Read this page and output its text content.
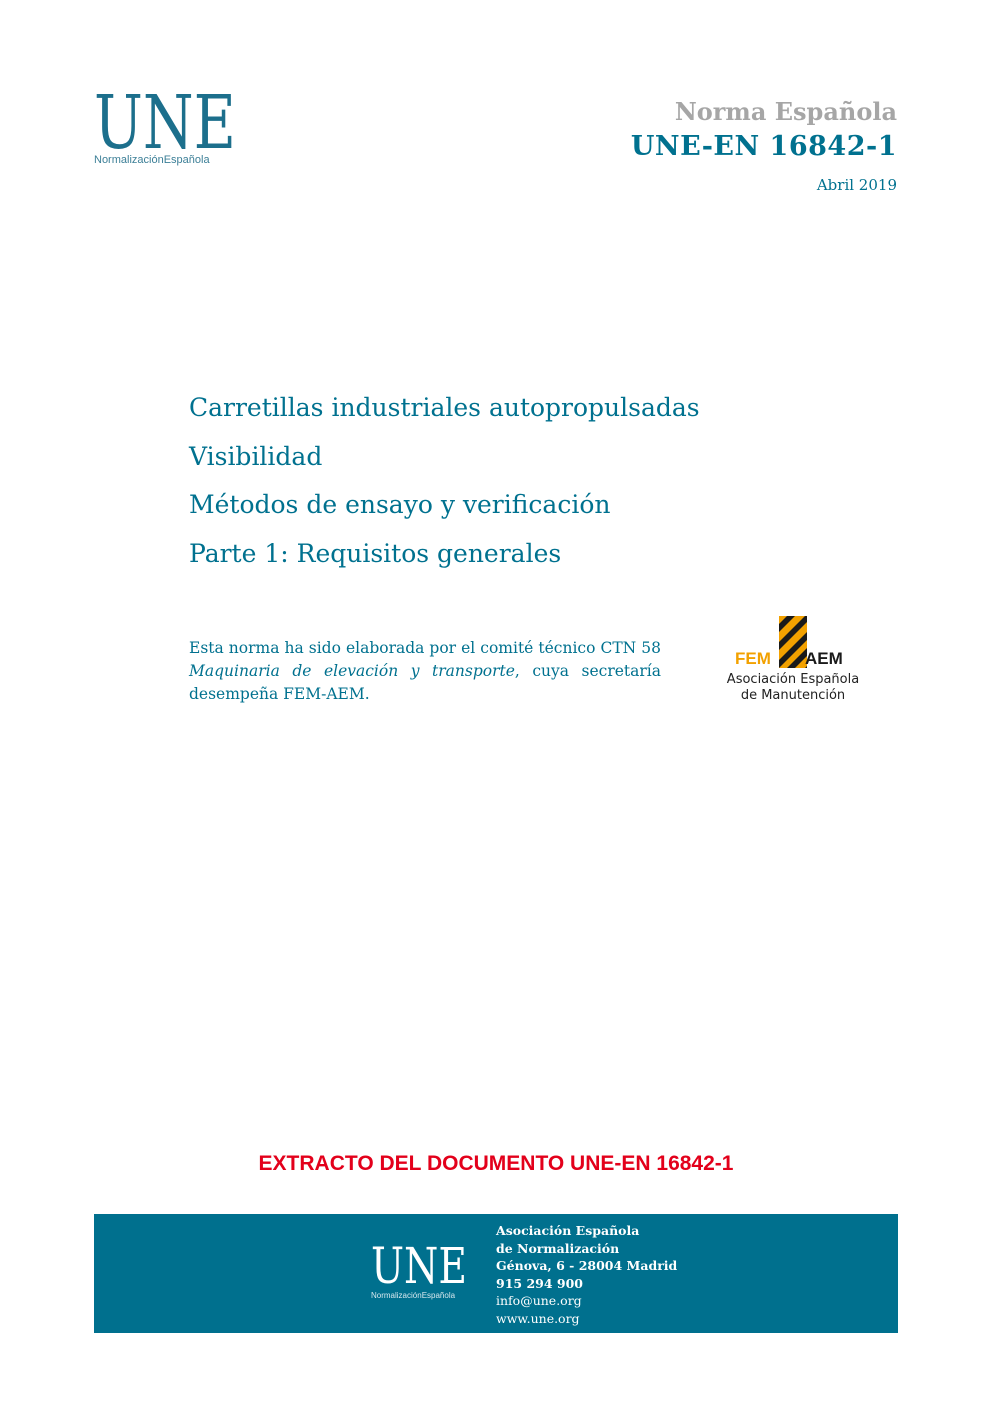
UNE
NormalizaciónEspañola
Norma Española
UNE-EN 16842-1
Abril 2019
Carretillas industriales autopropulsadas
Visibilidad
Métodos de ensayo y verificación
Parte 1: Requisitos generales
Esta norma ha sido elaborada por el comité técnico CTN 58 Maquinaria de elevación y transporte, cuya secretaría desempeña FEM-AEM.
FEM AEM
Asociación Española
de Manutención
EXTRACTO DEL DOCUMENTO UNE-EN 16842-1
UNE
NormalizaciónEspañola
Asociación Española
de Normalización
Génova, 6 - 28004 Madrid
915 294 900
info@une.org
www.une.org
